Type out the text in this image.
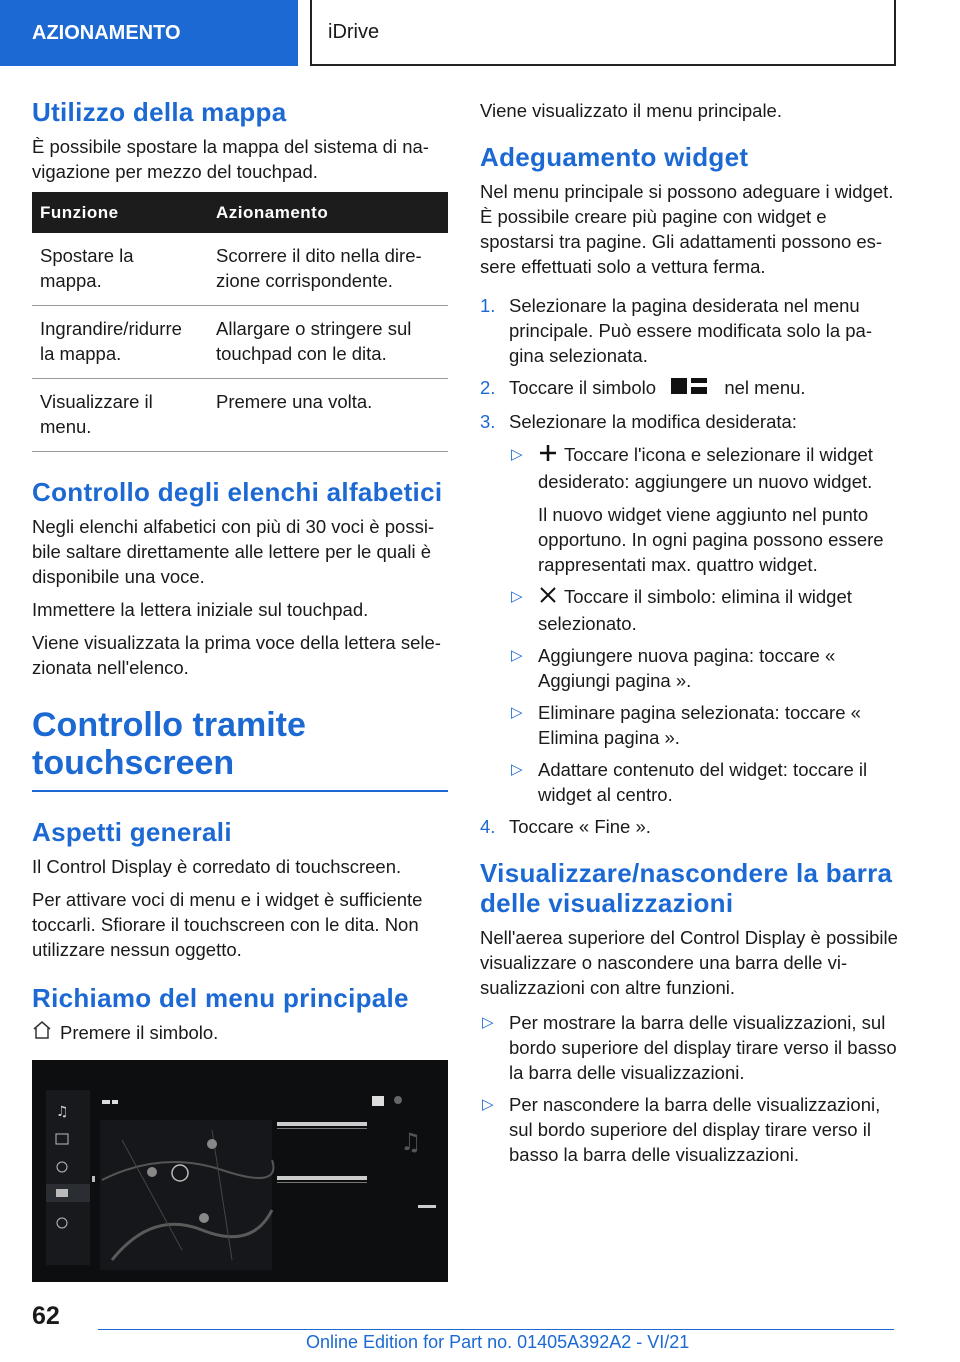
AZIONAMENTO	iDrive
Utilizzo della mappa

È possibile spostare la mappa del sistema di navigazione per mezzo del touchpad.

Funzione	Azionamento
Spostare la mappa.	Scorrere il dito nella direzione corrispondente.
Ingrandire/ridurre la mappa.	Allargare o stringere sul touchpad con le dita.
Visualizzare il menu.	Premere una volta.
Controllo degli elenchi alfabetici

Negli elenchi alfabetici con più di 30 voci è possibile saltare direttamente alle lettere per le quali è disponibile una voce.

Immettere la lettera iniziale sul touchpad.

Viene visualizzata la prima voce della lettera selezionata nell'elenco.

Controllo tramite touchscreen
Aspetti generali

Il Control Display è corredato di touchscreen.

Per attivare voci di menu e i widget è sufficiente toccarli. Sfiorare il touchscreen con le dita. Non utilizzare nessun oggetto.

Richiamo del menu principale

Premere il simbolo.

♫
♫

Viene visualizzato il menu principale.

Adeguamento widget

Nel menu principale si possono adeguare i widget. È possibile creare più pagine con widget e spostarsi tra pagine. Gli adattamenti possono essere effettuati solo a vettura ferma.

1. Selezionare la pagina desiderata nel menu principale. Può essere modificata solo la pagina selezionata.
2. Toccare il simbolo	nel menu.
3. Selezionare la modifica desiderata:
▷ Toccare l'icona e selezionare il widget desiderato: aggiungere un nuovo widget.
Il nuovo widget viene aggiunto nel punto opportuno. In ogni pagina possono essere rappresentati max. quattro widget.
▷ Toccare il simbolo: elimina il widget selezionato.
▷ Aggiungere nuova pagina: toccare « Aggiungi pagina ».
▷ Eliminare pagina selezionata: toccare « Elimina pagina ».
▷ Adattare contenuto del widget: toccare il widget al centro.
4. Toccare « Fine ».
Visualizzare/nascondere la barra delle visualizzazioni

Nell'aerea superiore del Control Display è possibile visualizzare o nascondere una barra delle visualizzazioni con altre funzioni.

▷ Per mostrare la barra delle visualizzazioni, sul bordo superiore del display tirare verso il basso la barra delle visualizzazioni.
▷ Per nascondere la barra delle visualizzazioni, sul bordo superiore del display tirare verso il basso la barra delle visualizzazioni.
62
Online Edition for Part no. 01405A392A2 - VI/21
